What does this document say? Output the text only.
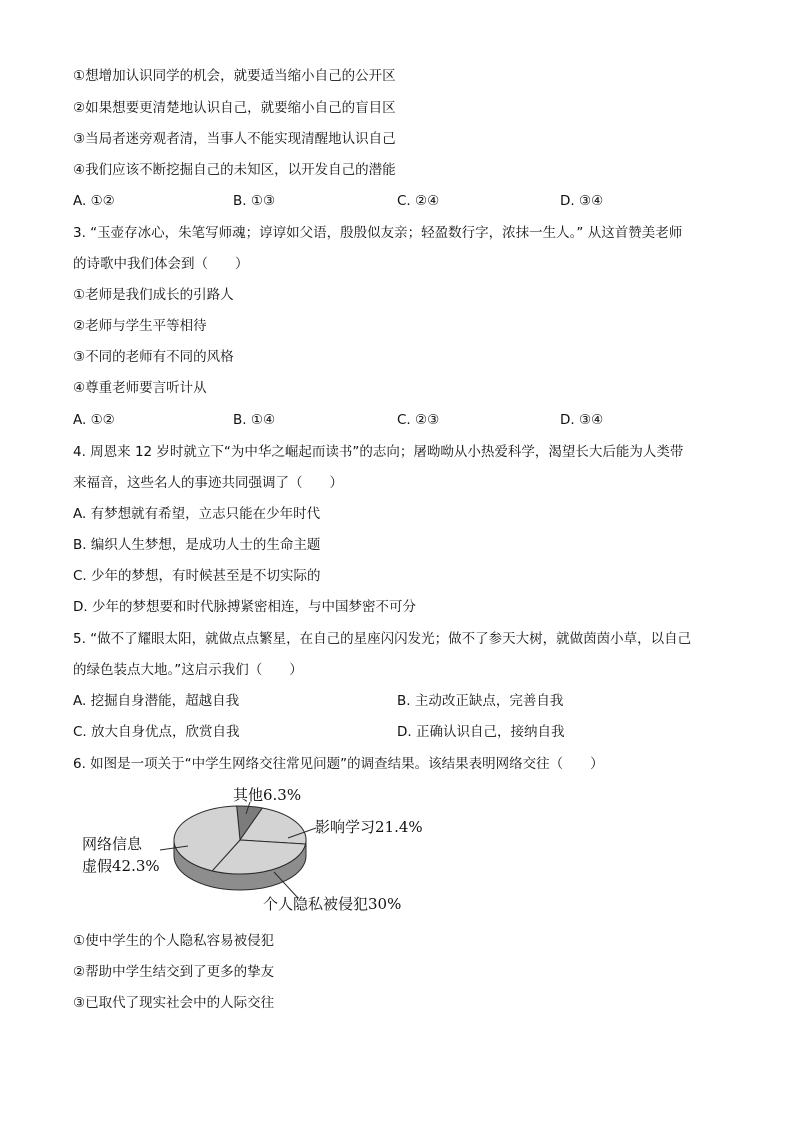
①想增加认识同学的机会，就要适当缩小自己的公开区
②如果想要更清楚地认识自己，就要缩小自己的盲目区
③当局者迷旁观者清，当事人不能实现清醒地认识自己
④我们应该不断挖掘自己的未知区，以开发自己的潜能
A. ①②	B. ①③	C. ②④	D. ③④
3. “玉壶存冰心，朱笔写师魂；谆谆如父语，殷殷似友亲；轻盈数行字，浓抹一生人。” 从这首赞美老师
的诗歌中我们体会到（　　）
①老师是我们成长的引路人
②老师与学生平等相待
③不同的老师有不同的风格
④尊重老师要言听计从
A. ①②	B. ①④	C. ②③	D. ③④
4. 周恩来 12 岁时就立下“为中华之崛起而读书”的志向；屠呦呦从小热爱科学，渴望长大后能为人类带
来福音，这些名人的事迹共同强调了（　　）
A. 有梦想就有希望，立志只能在少年时代
B. 编织人生梦想，是成功人士的生命主题
C. 少年的梦想，有时候甚至是不切实际的
D. 少年的梦想要和时代脉搏紧密相连，与中国梦密不可分
5. “做不了耀眼太阳，就做点点繁星，在自己的星座闪闪发光；做不了参天大树，就做茵茵小草，以自己
的绿色装点大地。”这启示我们（　　）
A. 挖掘自身潜能，超越自我	B. 主动改正缺点，完善自我
C. 放大自身优点，欣赏自我	D. 正确认识自己，接纳自我
6. 如图是一项关于“中学生网络交往常见问题”的调查结果。该结果表明网络交往（　　）
其他6.3%
影响学习21.4%
个人隐私被侵犯30%
网络信息
虚假42.3%
①使中学生的个人隐私容易被侵犯
②帮助中学生结交到了更多的挚友
③已取代了现实社会中的人际交往
